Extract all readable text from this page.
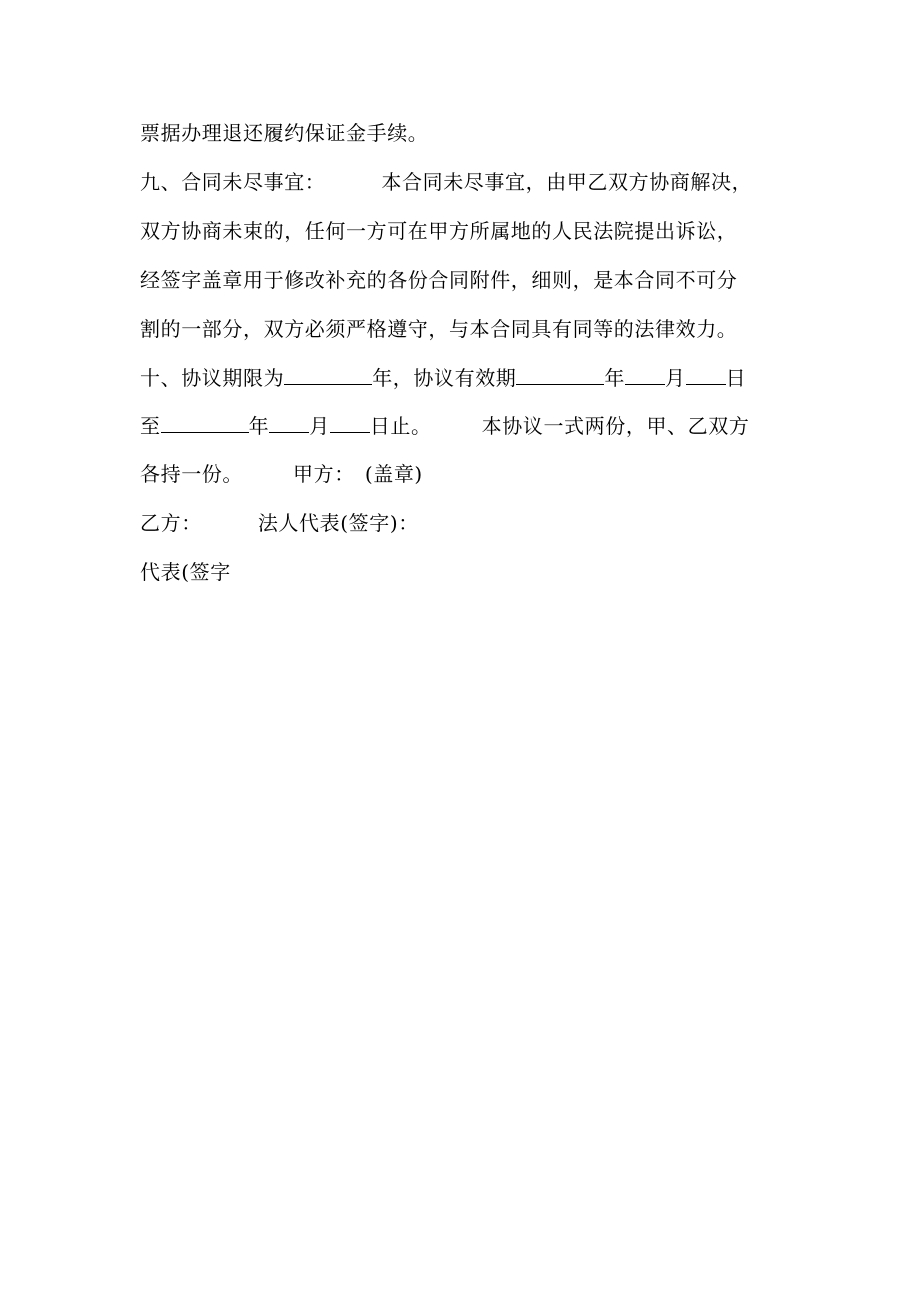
票据办理退还履约保证金手续。
九、合同未尽事宜：	本合同未尽事宜，由甲乙双方协商解决，
双方协商未束的，任何一方可在甲方所属地的人民法院提出诉讼，
经签字盖章用于修改补充的各份合同附件，细则，是本合同不可分
割的一部分，双方必须严格遵守，与本合同具有同等的法律效力。
十、协议期限为	年，协议有效期	年 月 日
至	年 月 日止。	本协议一式两份，甲、乙双方
各持一份。	甲方： (盖章)
乙方：	法人代表(签字)：
代表(签字
